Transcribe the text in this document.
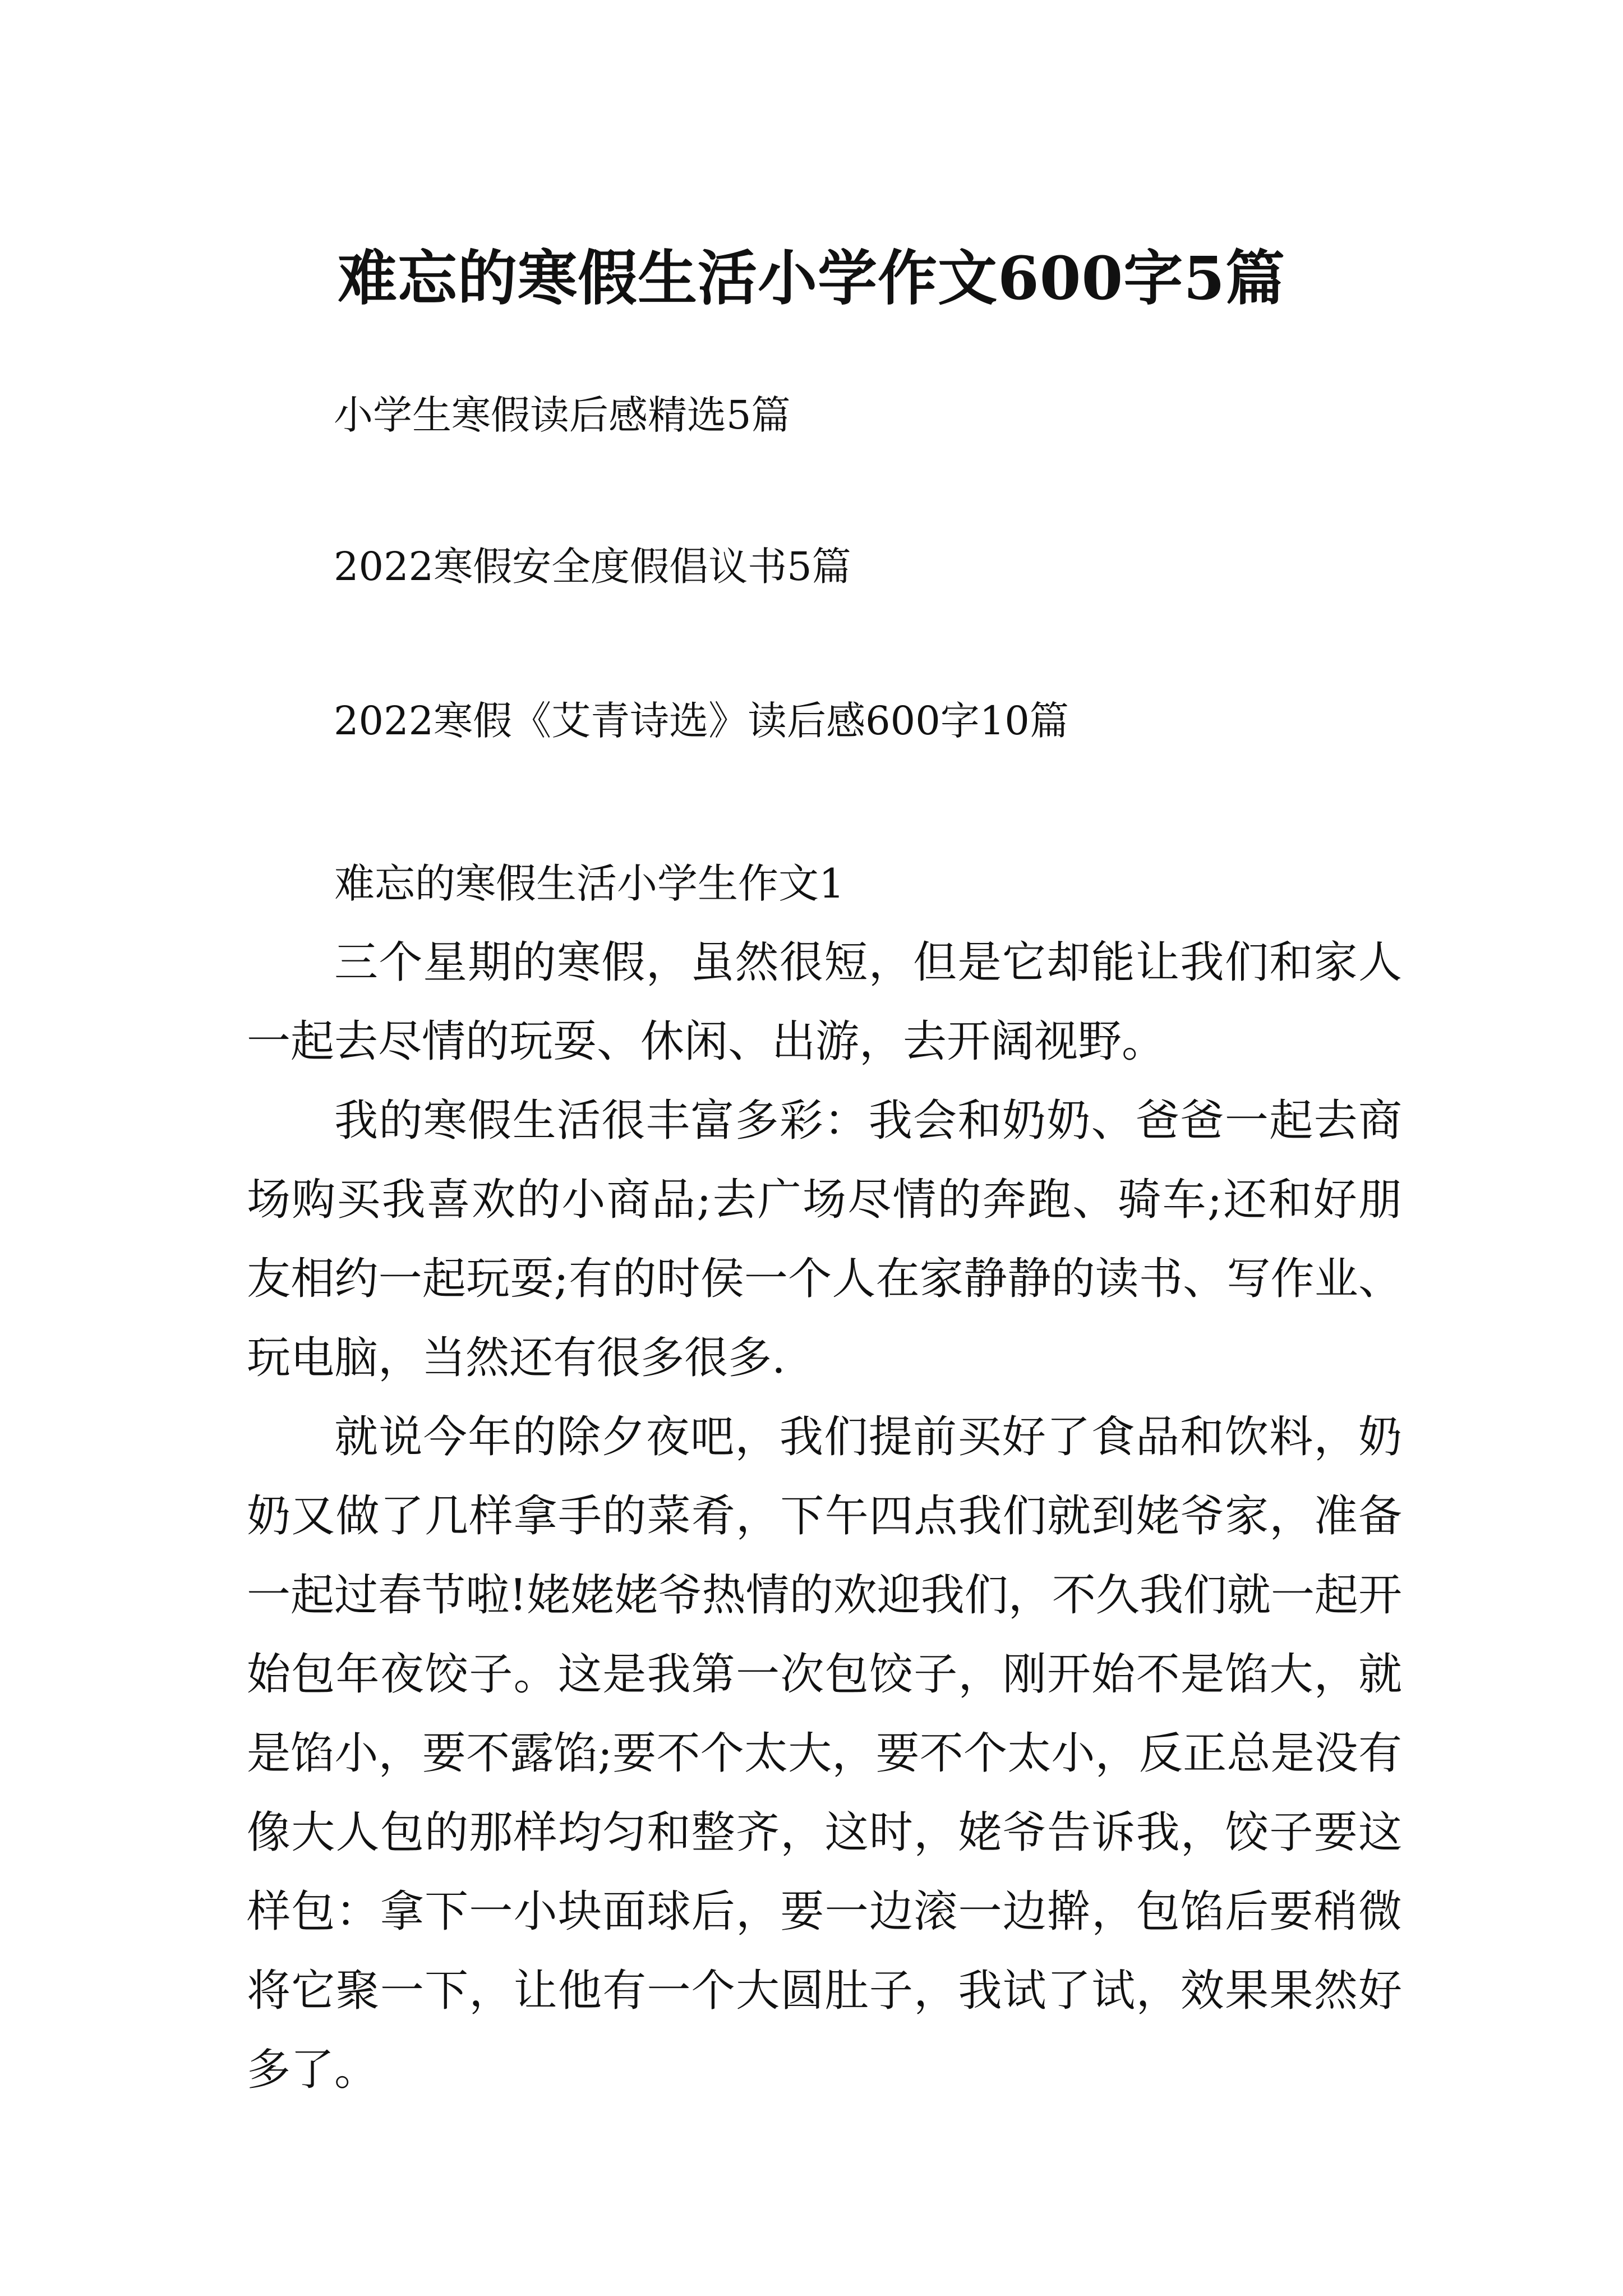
难忘的寒假生活小学作文600字5篇
小学生寒假读后感精选5篇
2022寒假安全度假倡议书5篇
2022寒假《艾青诗选》读后感600字10篇
难忘的寒假生活小学生作文1

三个星期的寒假，虽然很短，但是它却能让我们和家人一起去尽情的玩耍、休闲、出游，去开阔视野。

我的寒假生活很丰富多彩：我会和奶奶、爸爸一起去商场购买我喜欢的小商品;去广场尽情的奔跑、骑车;还和好朋友相约一起玩耍;有的时侯一个人在家静静的读书、写作业、玩电脑，当然还有很多很多.

就说今年的除夕夜吧，我们提前买好了食品和饮料，奶奶又做了几样拿手的菜肴，下午四点我们就到姥爷家，准备一起过春节啦!姥姥姥爷热情的欢迎我们，不久我们就一起开始包年夜饺子。这是我第一次包饺子，刚开始不是馅大，就是馅小，要不露馅;要不个太大，要不个太小，反正总是没有像大人包的那样均匀和整齐，这时，姥爷告诉我，饺子要这样包：拿下一小块面球后，要一边滚一边擀，包馅后要稍微将它聚一下，让他有一个大圆肚子，我试了试，效果果然好多了。
